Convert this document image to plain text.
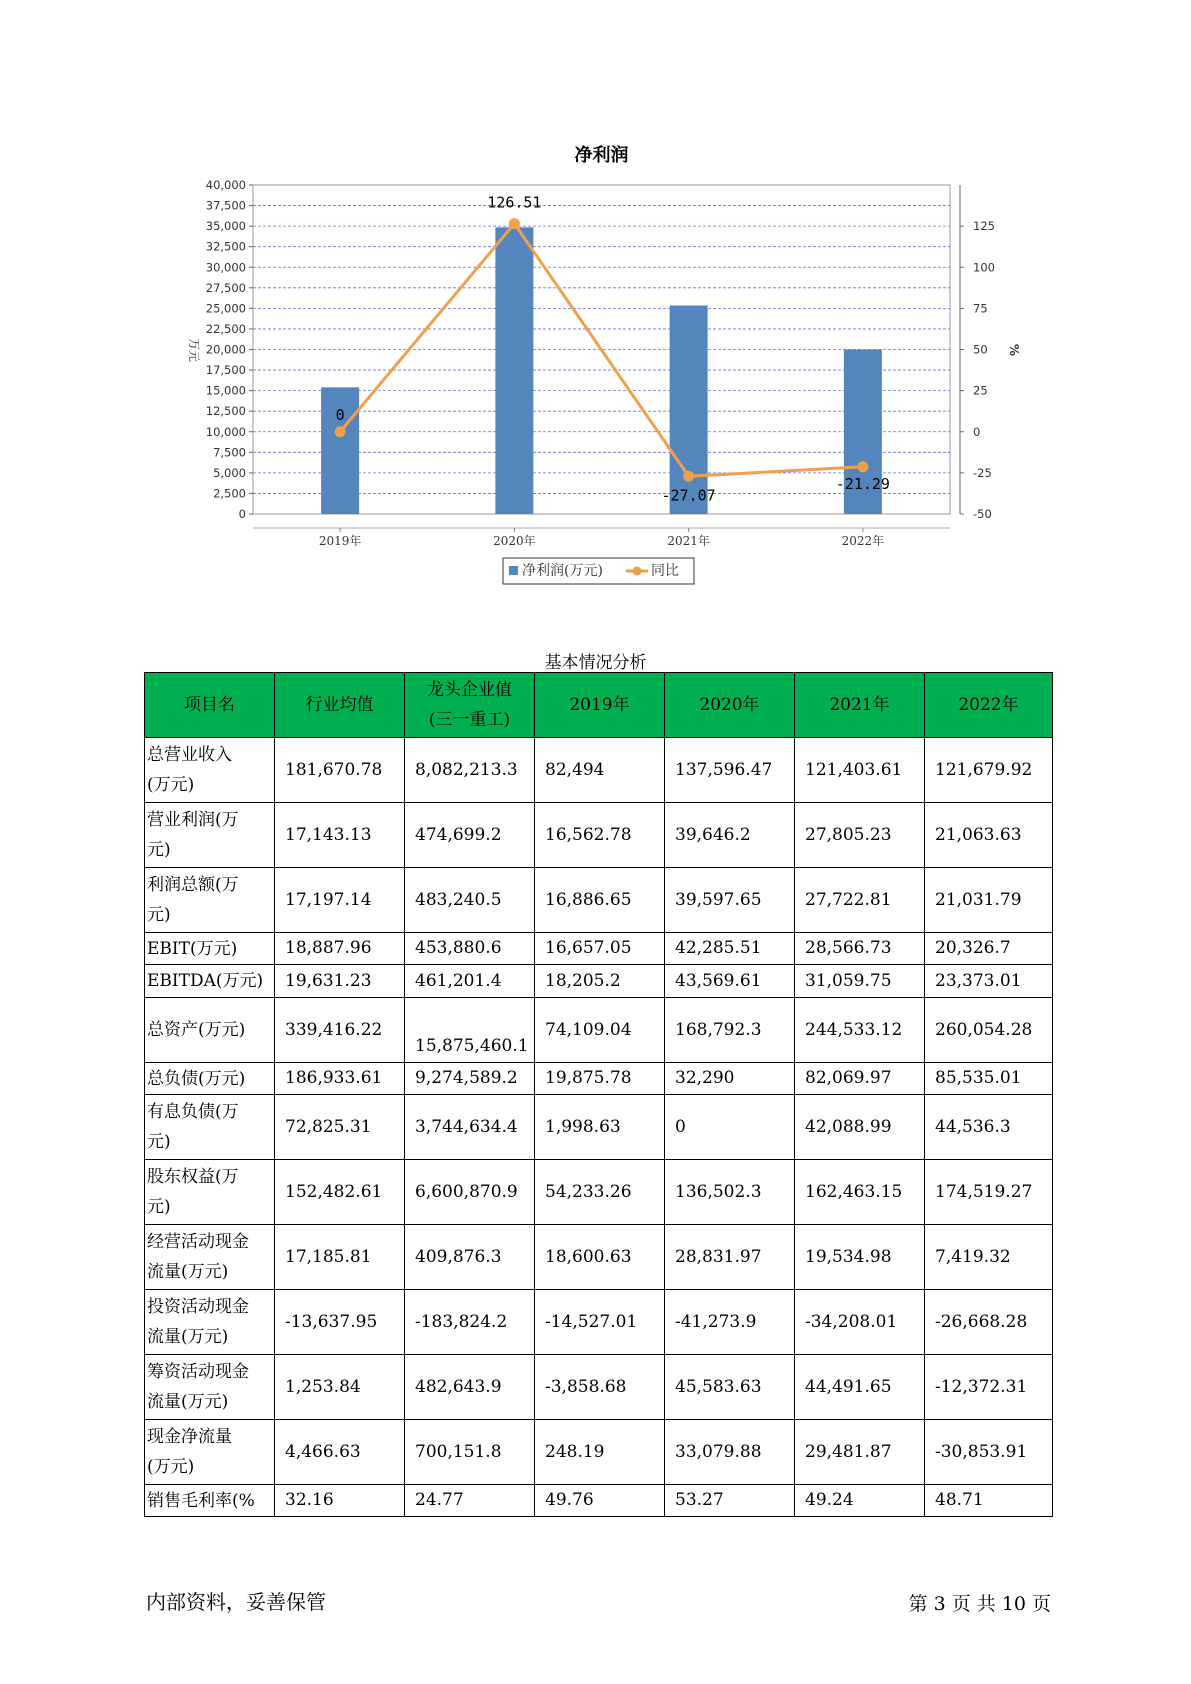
净利润
0
2,500
5,000
7,500
10,000
12,500
15,000
17,500
20,000
22,500
25,000
27,500
30,000
32,500
35,000
37,500
40,000
-50
-25
0
25
50
75
100
125
万元	%
2019年	2020年	2021年	2022年
0
126.51
-27.07
-21.29
净利润(万元)	同比
基本情况分析
项目名	行业均值	龙头企业值
(三一重工)	2019年	2020年	2021年	2022年
总营业收入
(万元)	181,670.78	8,082,213.3	82,494	137,596.47	121,403.61	121,679.92
营业利润(万
元)	17,143.13	474,699.2	16,562.78	39,646.2	27,805.23	21,063.63
利润总额(万
元)	17,197.14	483,240.5	16,886.65	39,597.65	27,722.81	21,031.79
EBIT(万元)	18,887.96	453,880.6	16,657.05	42,285.51	28,566.73	20,326.7
EBITDA(万元)	19,631.23	461,201.4	18,205.2	43,569.61	31,059.75	23,373.01
总资产(万元)	339,416.22	15,875,460.1	74,109.04	168,792.3	244,533.12	260,054.28
总负债(万元)	186,933.61	9,274,589.2	19,875.78	32,290	82,069.97	85,535.01
有息负债(万
元)	72,825.31	3,744,634.4	1,998.63	0	42,088.99	44,536.3
股东权益(万
元)	152,482.61	6,600,870.9	54,233.26	136,502.3	162,463.15	174,519.27
经营活动现金
流量(万元)	17,185.81	409,876.3	18,600.63	28,831.97	19,534.98	7,419.32
投资活动现金
流量(万元)	-13,637.95	-183,824.2	-14,527.01	-41,273.9	-34,208.01	-26,668.28
筹资活动现金
流量(万元)	1,253.84	482,643.9	-3,858.68	45,583.63	44,491.65	-12,372.31
现金净流量
(万元)	4,466.63	700,151.8	248.19	33,079.88	29,481.87	-30,853.91
销售毛利率(%	32.16	24.77	49.76	53.27	49.24	48.71
内部资料，妥善保管	第 3 页 共 10 页
